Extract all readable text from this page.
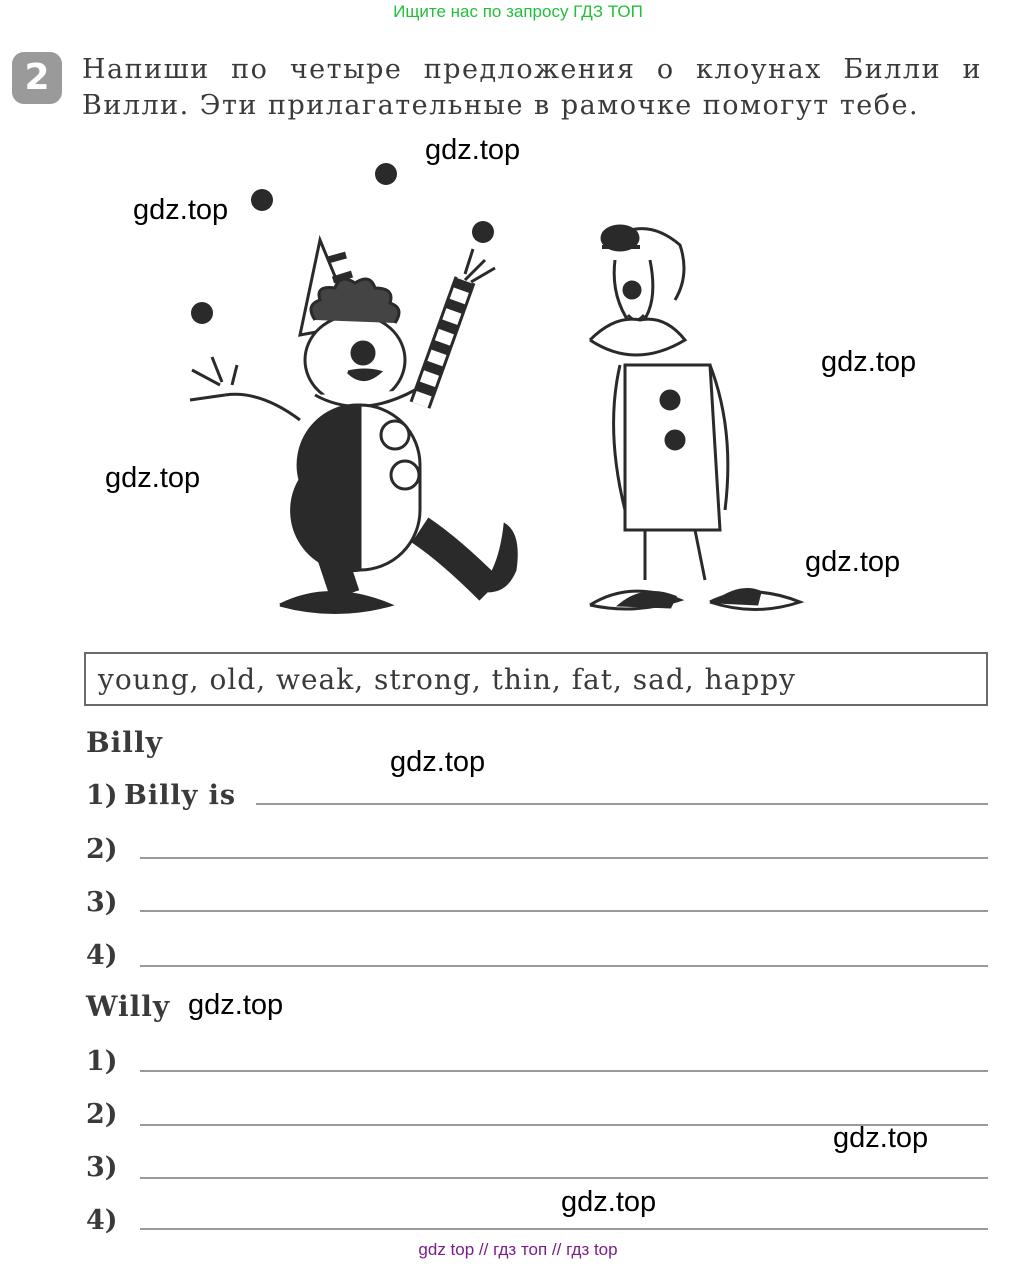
Ищите нас по запросу ГДЗ ТОП
2	Напиши по четыре предложения о клоунах Билли и Вилли. Эти прилагательные в рамочке помогут тебе.
gdz.top
gdz.top
gdz.top
gdz.top
gdz.top
young, old, weak, strong, thin, fat, sad, happy
Billy
gdz.top
1) Billy is
2)
3)
4)
Willy gdz.top
1)
2)
gdz.top
3)
gdz.top
4)
gdz top // гдз топ // гдз top
